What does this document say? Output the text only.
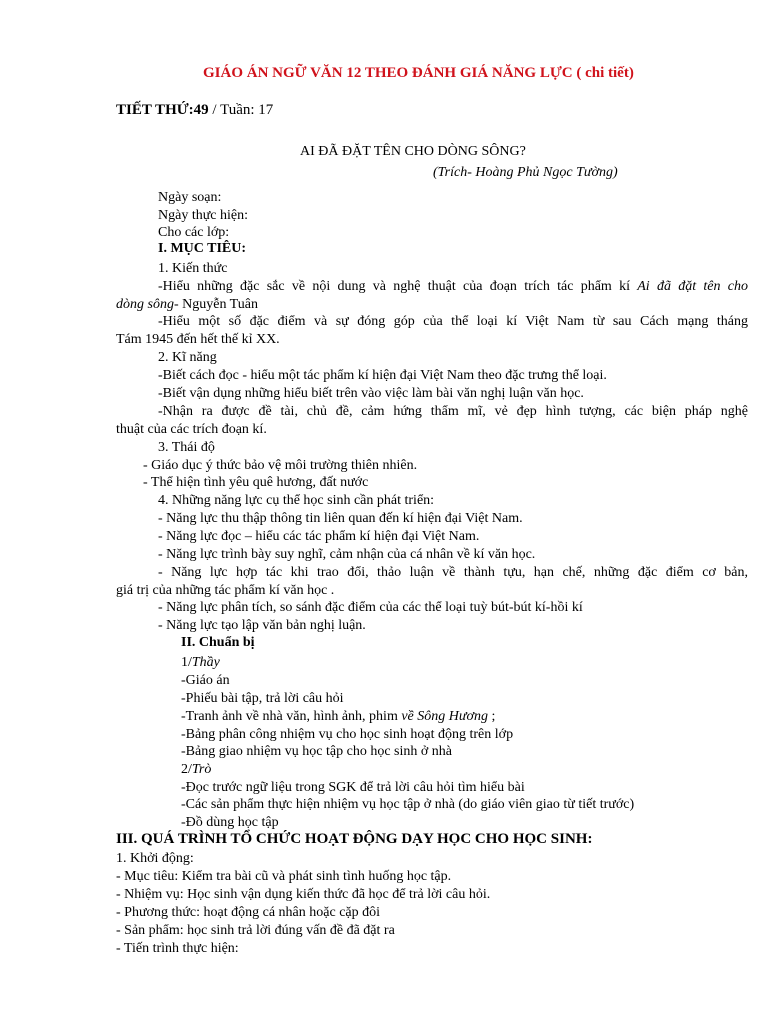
GIÁO ÁN NGỮ VĂN 12 THEO ĐÁNH GIÁ NĂNG LỰC ( chi tiết)
TIẾT THỨ:49 / Tuần: 17
AI ĐÃ ĐẶT TÊN CHO DÒNG SÔNG?
(Trích- Hoàng Phủ Ngọc Tường)
Ngày soạn:
Ngày thực hiện:
Cho các lớp:
I. MỤC TIÊU:
1. Kiến thức
-Hiểu những đặc sắc về nội dung và nghệ thuật của đoạn trích tác phẩm kí Ai đã đặt tên cho
dòng sông- Nguyễn Tuân
-Hiểu một số đặc điểm và sự đóng góp của thể loại kí Việt Nam từ sau Cách mạng tháng
Tám 1945 đến hết thế kỉ XX.
2. Kĩ năng
-Biết cách đọc - hiểu một tác phẩm kí hiện đại Việt Nam theo đặc trưng thể loại.
-Biết vận dụng những hiểu biết trên vào việc làm bài văn nghị luận văn học.
-Nhận ra được đề tài, chủ đề, cảm hứng thẩm mĩ, vẻ đẹp hình tượng, các biện pháp nghệ
thuật của các trích đoạn kí.
3. Thái độ
- Giáo dục ý thức bảo vệ môi trường thiên nhiên.
- Thể hiện tình yêu quê hương, đất nước
4. Những năng lực cụ thể học sinh cần phát triển:
- Năng lực thu thập thông tin liên quan đến kí hiện đại Việt Nam.
- Năng lực đọc – hiểu các tác phẩm kí hiện đại Việt Nam.
- Năng lực trình bày suy nghĩ, cảm nhận của cá nhân về kí văn học.
- Năng lực hợp tác khi trao đổi, thảo luận về thành tựu, hạn chế, những đặc điểm cơ bản,
giá trị của những tác phẩm kí văn học .
- Năng lực phân tích, so sánh đặc điểm của các thể loại tuỳ bút-bút kí-hồi kí
- Năng lực tạo lập văn bản nghị luận.
II. Chuẩn bị
1/Thầy
-Giáo án
-Phiếu bài tập, trả lời câu hỏi
-Tranh ảnh về nhà văn, hình ảnh, phim về Sông Hương ;
-Bảng phân công nhiệm vụ cho học sinh hoạt động trên lớp
-Bảng giao nhiệm vụ học tập cho học sinh ở nhà
2/Trò
-Đọc trước ngữ liệu trong SGK để trả lời câu hỏi tìm hiểu bài
-Các sản phẩm thực hiện nhiệm vụ học tập ở nhà (do giáo viên giao từ tiết trước)
-Đồ dùng học tập
III. QUÁ TRÌNH TỔ CHỨC HOẠT ĐỘNG DẠY HỌC CHO HỌC SINH:
1. Khởi động:
- Mục tiêu: Kiểm tra bài cũ và phát sinh tình huống học tập.
- Nhiệm vụ: Học sinh vận dụng kiến thức đã học để trả lời câu hỏi.
- Phương thức: hoạt động cá nhân hoặc cặp đôi
- Sản phẩm: học sinh trả lời đúng vấn đề đã đặt ra
- Tiến trình thực hiện:
